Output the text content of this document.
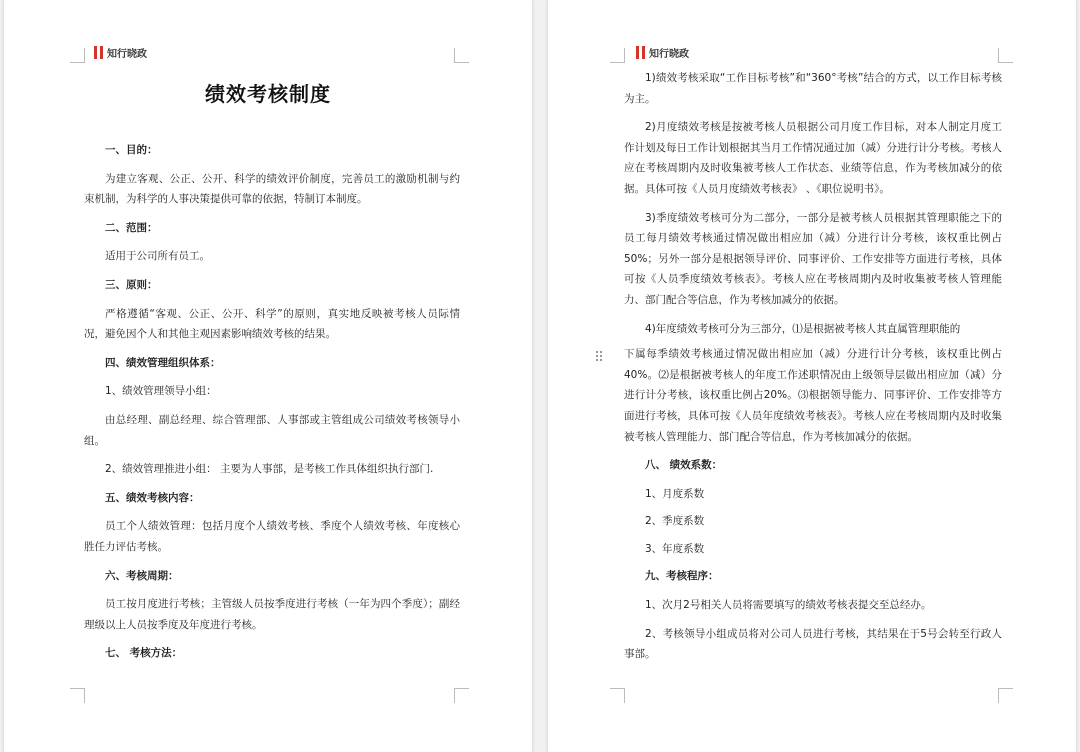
知行晓政
绩效考核制度
一、目的：
为建立客观、公正、公开、科学的绩效评价制度，完善员工的激励机制与约束机制，为科学的人事决策提供可靠的依据，特制订本制度。
二、范围：
适用于公司所有员工。
三、原则：
严格遵循“客观、公正、公开、科学”的原则，真实地反映被考核人员际情况，避免因个人和其他主观因素影响绩效考核的结果。
四、绩效管理组织体系：
1、绩效管理领导小组：
由总经理、副总经理、综合管理部、人事部或主管组成公司绩效考核领导小组。
2、绩效管理推进小组： 主要为人事部，是考核工作具体组织执行部门.
五、绩效考核内容：
员工个人绩效管理：包括月度个人绩效考核、季度个人绩效考核、年度核心胜任力评估考核。
六、考核周期：
员工按月度进行考核；主管级人员按季度进行考核（一年为四个季度）；副经理级以上人员按季度及年度进行考核。
七、 考核方法：
知行晓政
1)绩效考核采取“工作目标考核”和“360°考核”结合的方式，以工作目标考核为主。
2)月度绩效考核是按被考核人员根据公司月度工作目标，对本人制定月度工作计划及每日工作计划根据其当月工作情况通过加（减）分进行计分考核。考核人应在考核周期内及时收集被考核人工作状态、业绩等信息，作为考核加减分的依据。具体可按《人员月度绩效考核表》 、《职位说明书》。
3)季度绩效考核可分为二部分，一部分是被考核人员根据其管理职能之下的员工每月绩效考核通过情况做出相应加（减）分进行计分考核，该权重比例占50%；另外一部分是根据领导评价、同事评价、工作安排等方面进行考核，具体可按《人员季度绩效考核表》。考核人应在考核周期内及时收集被考核人管理能力、部门配合等信息，作为考核加减分的依据。
4)年度绩效考核可分为三部分，⑴是根据被考核人其直属管理职能的
下属每季绩效考核通过情况做出相应加（减）分进行计分考核，该权重比例占40%。⑵是根据被考核人的年度工作述职情况由上级领导层做出相应加（减）分进行计分考核，该权重比例占20%。⑶根据领导能力、同事评价、工作安排等方面进行考核，具体可按《人员年度绩效考核表》。考核人应在考核周期内及时收集被考核人管理能力、部门配合等信息，作为考核加减分的依据。
八、 绩效系数：
1、月度系数
2、季度系数
3、年度系数
九、考核程序：
1、次月2号相关人员将需要填写的绩效考核表提交至总经办。
2、考核领导小组成员将对公司人员进行考核，其结果在于5号会转至行政人事部。
⠿
